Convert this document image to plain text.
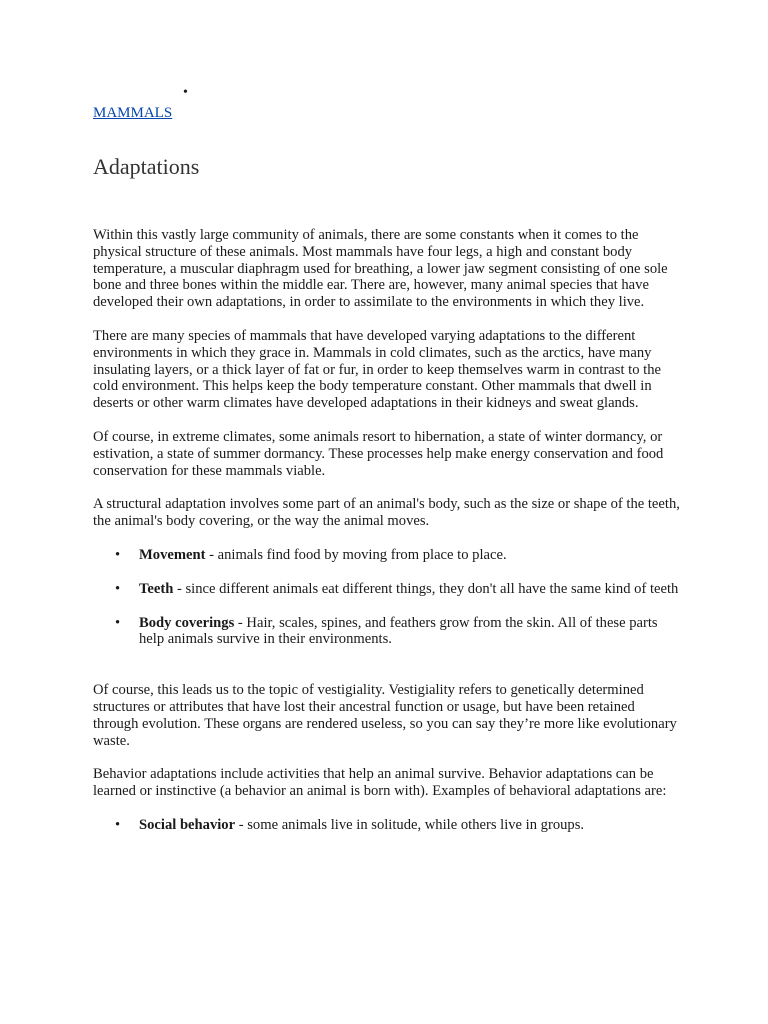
•
MAMMALS
Adaptations

Within this vastly large community of animals, there are some constants when it comes to the physical structure of these animals. Most mammals have four legs, a high and constant body temperature, a muscular diaphragm used for breathing, a lower jaw segment consisting of one sole bone and three bones within the middle ear. There are, however, many animal species that have developed their own adaptations, in order to assimilate to the environments in which they live.

There are many species of mammals that have developed varying adaptations to the different environments in which they grace in. Mammals in cold climates, such as the arctics, have many insulating layers, or a thick layer of fat or fur, in order to keep themselves warm in contrast to the cold environment. This helps keep the body temperature constant. Other mammals that dwell in deserts or other warm climates have developed adaptations in their kidneys and sweat glands.

Of course, in extreme climates, some animals resort to hibernation, a state of winter dormancy, or estivation, a state of summer dormancy. These processes help make energy conservation and food conservation for these mammals viable.

A structural adaptation involves some part of an animal's body, such as the size or shape of the teeth, the animal's body covering, or the way the animal moves.

• Movement - animals find food by moving from place to place.
• Teeth - since different animals eat different things, they don't all have the same kind of teeth
• Body coverings - Hair, scales, spines, and feathers grow from the skin. All of these parts help animals survive in their environments.

Of course, this leads us to the topic of vestigiality. Vestigiality refers to genetically determined structures or attributes that have lost their ancestral function or usage, but have been retained through evolution. These organs are rendered useless, so you can say they’re more like evolutionary waste.

Behavior adaptations include activities that help an animal survive. Behavior adaptations can be learned or instinctive (a behavior an animal is born with). Examples of behavioral adaptations are:

• Social behavior - some animals live in solitude, while others live in groups.
